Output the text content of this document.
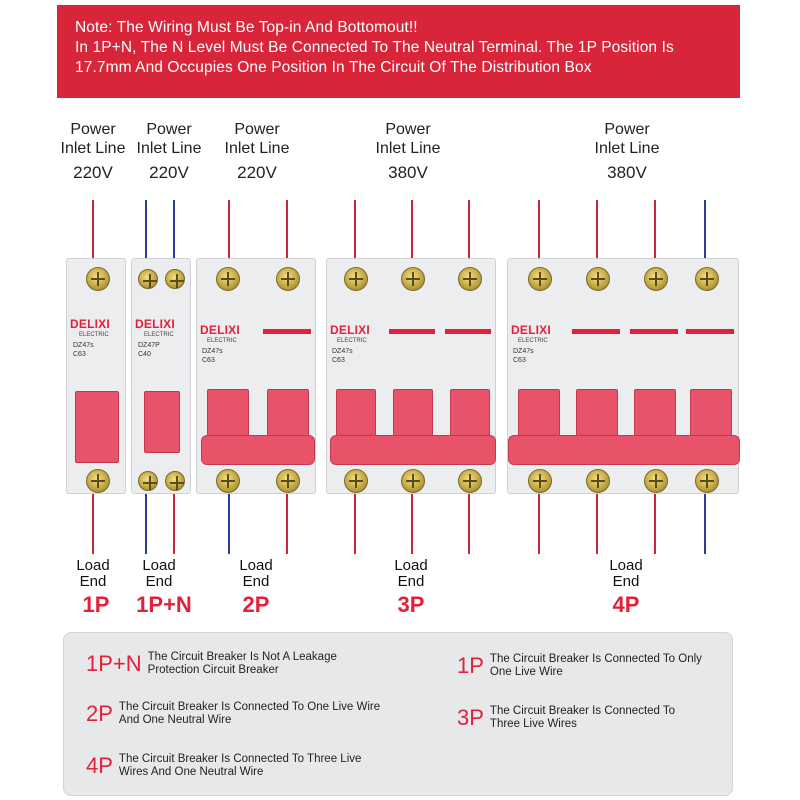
Note: The Wiring Must Be Top-in And Bottomout!!
In 1P+N, The N Level Must Be Connected To The Neutral Terminal. The 1P Position Is
17.7mm And Occupies One Position In The Circuit Of The Distribution Box
Power
Inlet Line
220V
Power
Inlet Line
220V
Power
Inlet Line
220V
Power
Inlet Line
380V
Power
Inlet Line
380V
DELIXI
ELECTRIC
DZ47s C63
DELIXI
ELECTRIC
DZ47P C40
DELIXI
ELECTRIC
DZ47s C63
DELIXI
ELECTRIC
DZ47s C63
DELIXI
ELECTRIC
DZ47s C63
Load
End
Load
End
Load
End
Load
End
Load
End
1P	1P+N	2P	3P	4P
1P+N The Circuit Breaker Is Not A Leakage Protection Circuit Breaker	1P The Circuit Breaker Is Connected To Only One Live Wire
2P The Circuit Breaker Is Connected To One Live Wire And One Neutral Wire	3P The Circuit Breaker Is Connected To Three Live Wires
4P The Circuit Breaker Is Connected To Three Live Wires And One Neutral Wire
